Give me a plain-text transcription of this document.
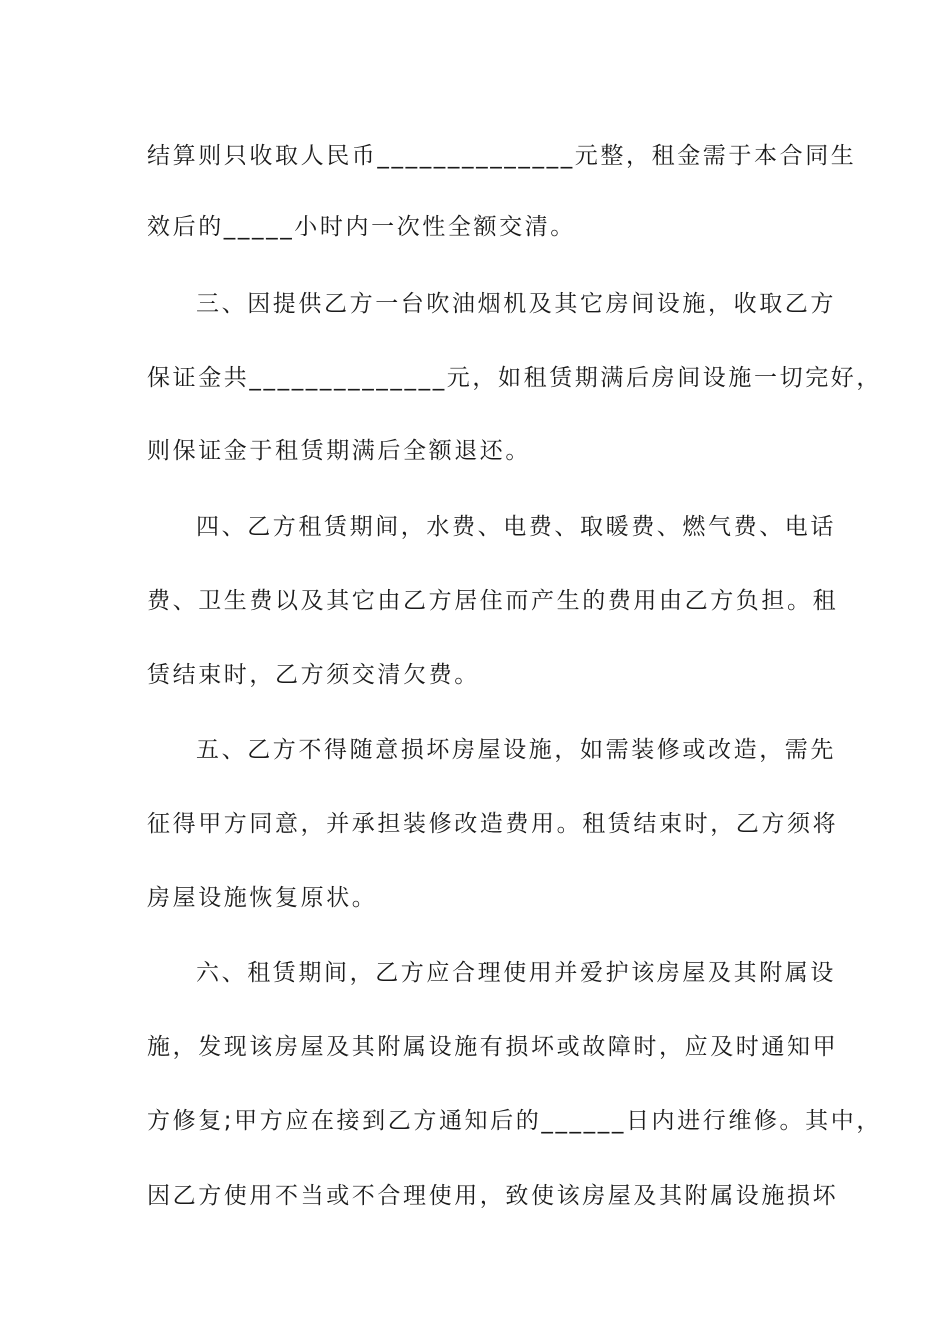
结算则只收取人民币______________元整，租金需于本合同生
效后的_____小时内一次性全额交清。
三、因提供乙方一台吹油烟机及其它房间设施，收取乙方
保证金共______________元，如租赁期满后房间设施一切完好，
则保证金于租赁期满后全额退还。
四、乙方租赁期间，水费、电费、取暖费、燃气费、电话
费、卫生费以及其它由乙方居住而产生的费用由乙方负担。租
赁结束时，乙方须交清欠费。
五、乙方不得随意损坏房屋设施，如需装修或改造，需先
征得甲方同意，并承担装修改造费用。租赁结束时，乙方须将
房屋设施恢复原状。
六、租赁期间，乙方应合理使用并爱护该房屋及其附属设
施，发现该房屋及其附属设施有损坏或故障时，应及时通知甲
方修复;甲方应在接到乙方通知后的______日内进行维修。其中，
因乙方使用不当或不合理使用，致使该房屋及其附属设施损坏
